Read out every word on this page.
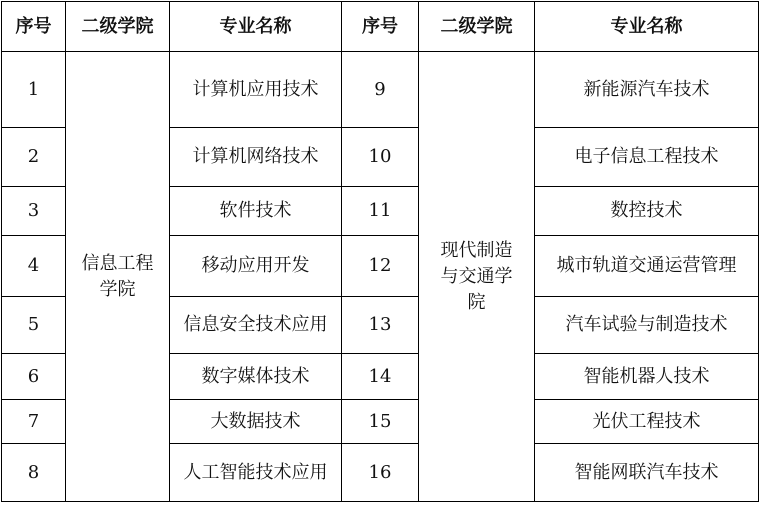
序号	二级学院	专业名称	序号	二级学院	专业名称
1	信息工程学院	计算机应用技术	9	现代制造与交通学院	新能源汽车技术
2		计算机网络技术	10		电子信息工程技术
3		软件技术	11		数控技术
4		移动应用开发	12		城市轨道交通运营管理
5		信息安全技术应用	13		汽车试验与制造技术
6		数字媒体技术	14		智能机器人技术
7		大数据技术	15		光伏工程技术
8		人工智能技术应用	16		智能网联汽车技术
